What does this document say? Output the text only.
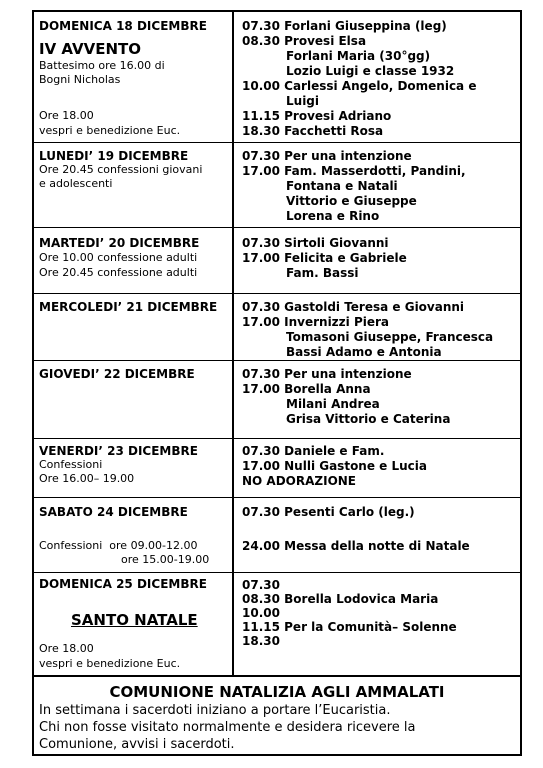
DOMENICA 18 DICEMBRE
IV AVVENTO
Battesimo ore 16.00 di
Bogni Nicholas
Ore 18.00
vespri e benedizione Euc.
07.30 Forlani Giuseppina (leg)
08.30 Provesi Elsa
Forlani Maria (30°gg)
Lozio Luigi e classe 1932
10.00 Carlessi Angelo, Domenica e
Luigi
11.15 Provesi Adriano
18.30 Facchetti Rosa
LUNEDI’ 19 DICEMBRE
Ore 20.45 confessioni giovani
e adolescenti
07.30 Per una intenzione
17.00 Fam. Masserdotti, Pandini,
Fontana e Natali
Vittorio e Giuseppe
Lorena e Rino
MARTEDI’ 20 DICEMBRE
Ore 10.00 confessione adulti
Ore 20.45 confessione adulti
07.30 Sirtoli Giovanni
17.00 Felicita e Gabriele
Fam. Bassi
MERCOLEDI’ 21 DICEMBRE 07.30 Gastoldi Teresa e Giovanni
17.00 Invernizzi Piera
Tomasoni Giuseppe, Francesca
Bassi Adamo e Antonia
GIOVEDI’ 22 DICEMBRE	07.30 Per una intenzione
17.00 Borella Anna
Milani Andrea
Grisa Vittorio e Caterina
VENERDI’ 23 DICEMBRE
Confessioni
Ore 16.00– 19.00
07.30 Daniele e Fam.
17.00 Nulli Gastone e Lucia
NO ADORAZIONE
SABATO 24 DICEMBRE
Confessioni  ore 09.00-12.00
ore 15.00-19.00
07.30 Pesenti Carlo (leg.)
24.00 Messa della notte di Natale
DOMENICA 25 DICEMBRE
SANTO NATALE
Ore 18.00
vespri e benedizione Euc.
07.30
08.30 Borella Lodovica Maria
10.00
11.15 Per la Comunità– Solenne
18.30
COMUNIONE NATALIZIA AGLI AMMALATI
In settimana i sacerdoti iniziano a portare l’Eucaristia.
Chi non fosse visitato normalmente e desidera ricevere la
Comunione, avvisi i sacerdoti.
